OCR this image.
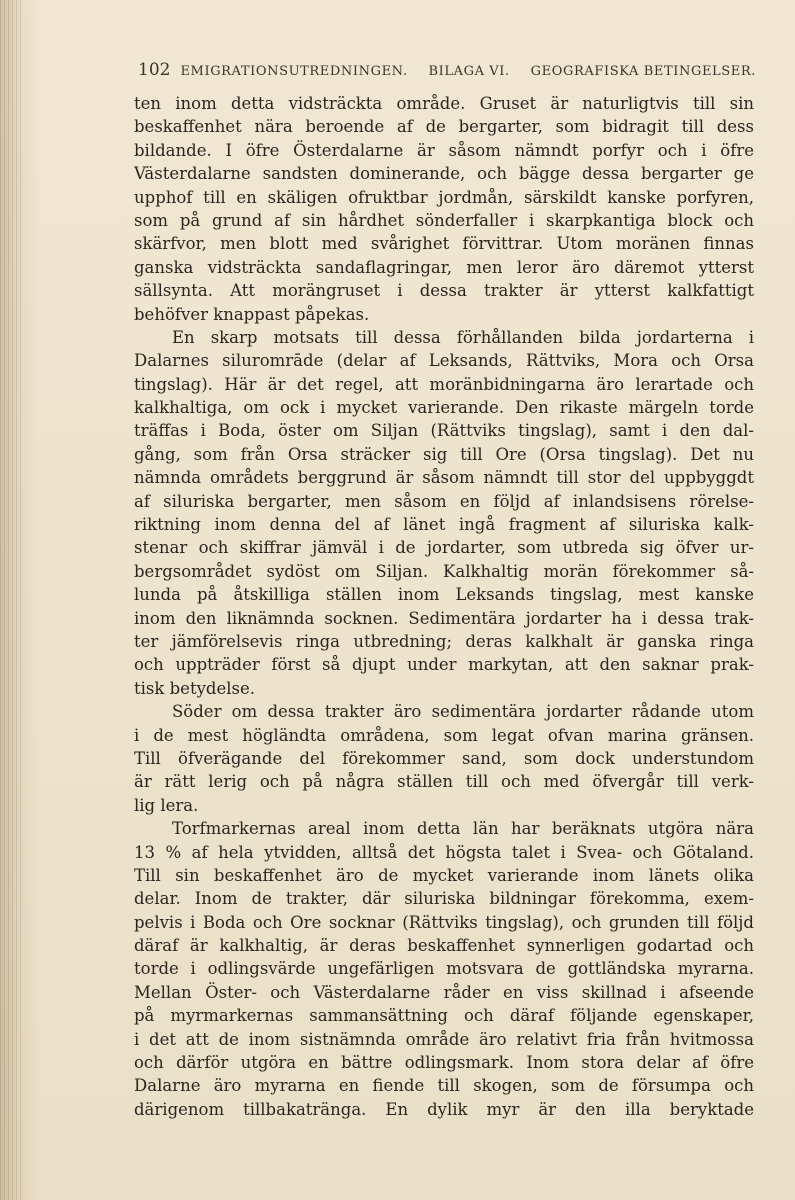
102 EMIGRATIONSUTREDNINGEN. BILAGA VI. GEOGRAFISKA BETINGELSER.
ten inom detta vidsträckta område. Gruset är naturligtvis till sin
beskaffenhet nära beroende af de bergarter, som bidragit till dess
bildande. I öfre Österdalarne är såsom nämndt porfyr och i öfre
Västerdalarne sandsten dominerande, och bägge dessa bergarter ge
upphof till en skäligen ofruktbar jordmån, särskildt kanske porfyren,
som på grund af sin hårdhet sönderfaller i skarpkantiga block och
skärfvor, men blott med svårighet förvittrar. Utom moränen finnas
ganska vidsträckta sandaflagringar, men leror äro däremot ytterst
sällsynta. Att morängruset i dessa trakter är ytterst kalkfattigt
behöfver knappast påpekas.
En skarp motsats till dessa förhållanden bilda jordarterna i
Dalarnes siluromrāde (delar af Leksands, Rättviks, Mora och Orsa
tingslag). Här är det regel, att moränbidningarna äro lerartade och
kalkhaltiga, om ock i mycket varierande. Den rikaste märgeln torde
träffas i Boda, öster om Siljan (Rättviks tingslag), samt i den dal-
gång, som från Orsa sträcker sig till Ore (Orsa tingslag). Det nu
nämnda områdets berggrund är såsom nämndt till stor del uppbyggdt
af siluriska bergarter, men såsom en följd af inlandsisens rörelse-
riktning inom denna del af länet ingå fragment af siluriska kalk-
stenar och skiffrar jämväl i de jordarter, som utbreda sig öfver ur-
bergsområdet sydöst om Siljan. Kalkhaltig morän förekommer så-
lunda på åtskilliga ställen inom Leksands tingslag, mest kanske
inom den liknämnda socknen. Sedimentära jordarter ha i dessa trak-
ter jämförelsevis ringa utbredning; deras kalkhalt är ganska ringa
och uppträder först så djupt under markytan, att den saknar prak-
tisk betydelse.
Söder om dessa trakter äro sedimentära jordarter rådande utom
i de mest högländta områdena, som legat ofvan marina gränsen.
Till öfverägande del förekommer sand, som dock understundom
är rätt lerig och på några ställen till och med öfvergår till verk-
lig lera.
Torfmarkernas areal inom detta län har beräknats utgöra nära
13 % af hela ytvidden, alltså det högsta talet i Svea- och Götaland.
Till sin beskaffenhet äro de mycket varierande inom länets olika
delar. Inom de trakter, där siluriska bildningar förekomma, exem-
pelvis i Boda och Ore socknar (Rättviks tingslag), och grunden till följd
däraf är kalkhaltig, är deras beskaffenhet synnerligen godartad och
torde i odlingsvärde ungefärligen motsvara de gottländska myrarna.
Mellan Öster- och Västerdalarne råder en viss skillnad i afseende
på myrmarkernas sammansättning och däraf följande egenskaper,
i det att de inom sistnämnda område äro relativt fria från hvitmossa
och därför utgöra en bättre odlingsmark. Inom stora delar af öfre
Dalarne äro myrarna en fiende till skogen, som de försumpa och
därigenom tillbakaträngа. En dylik myr är den illa beryktade
